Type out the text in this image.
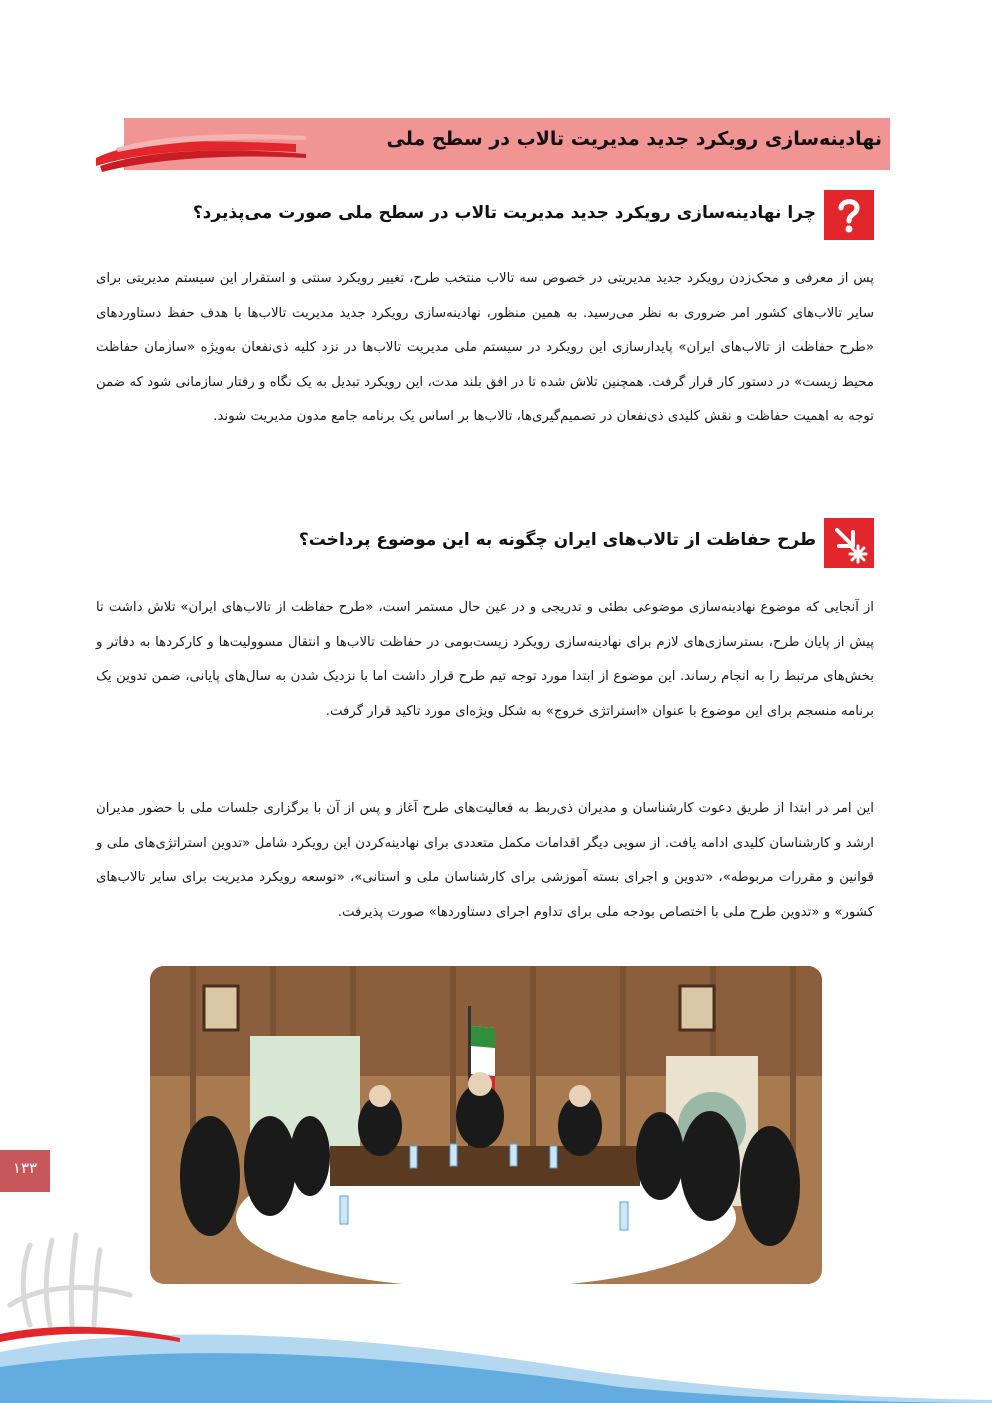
نهادینه‌سازی رویکرد جدید مدیریت تالاب در سطح ملی
چرا نهادینه‌سازی رویکرد جدید مدیریت تالاب در سطح ملی صورت می‌پذیرد؟

پس از معرفی و محک‌زدن رویکرد جدید مدیریتی در خصوص سه تالاب منتخب طرح، تغییر رویکرد سنتی و استقرار این سیستم مدیریتی برای سایر تالاب‌های کشور امر ضروری به نظر می‌رسید. به همین منظور، نهادینه‌سازی رویکرد جدید مدیریت تالاب‌ها با هدف حفظ دستاوردهای «طرح حفاظت از تالاب‌های ایران» پایدارسازی این رویکرد در سیستم ملی مدیریت تالاب‌ها در نزد کلیه ذی‌نفعان به‌ویژه «سازمان حفاظت محیط زیست» در دستور کار قرار گرفت. همچنین تلاش شده تا در افق بلند مدت، این رویکرد تبدیل به یک نگاه و رفتار سازمانی شود که ضمن توجه به اهمیت حفاظت و نقش کلیدی ذی‌نفعان در تصمیم‌گیری‌ها، تالاب‌ها بر اساس یک برنامه جامع مدون مدیریت شوند.

طرح حفاظت از تالاب‌های ایران چگونه به این موضوع پرداخت؟

از آنجایی که موضوع نهادینه‌سازی موضوعی بطئی و تدریجی و در عین حال مستمر است، «طرح حفاظت از تالاب‌های ایران» تلاش داشت تا پیش از پایان طرح، بسترسازی‌های لازم برای نهادینه‌سازی رویکرد زیست‌بومی در حفاظت تالاب‌ها و انتقال مسوولیت‌ها و کارکردها به دفاتر و بخش‌های مرتبط را به انجام رساند. این موضوع از ابتدا مورد توجه تیم طرح قرار داشت اما با نزدیک شدن به سال‌های پایانی، ضمن تدوین یک برنامه منسجم برای این موضوع با عنوان «استراتژی خروج» به شکل ویژه‌ای مورد تاکید قرار گرفت.

این امر در ابتدا از طریق دعوت کارشناسان و مدیران ذی‌ربط به فعالیت‌های طرح آغاز و پس از آن با برگزاری جلسات ملی با حضور مدیران ارشد و کارشناسان کلیدی ادامه یافت. از سویی دیگر اقدامات مکمل متعددی برای نهادینه‌کردن این رویکرد شامل «تدوین استراتژی‌های ملی و قوانین و مقررات مربوطه»، «تدوین و اجرای بسته آموزشی برای کارشناسان ملی و استانی»، «توسعه رویکرد مدیریت برای سایر تالاب‌های کشور» و «تدوین طرح ملی با اختصاص بودجه ملی برای تداوم اجرای دستاوردها» صورت پذیرفت.

۱۳۳
